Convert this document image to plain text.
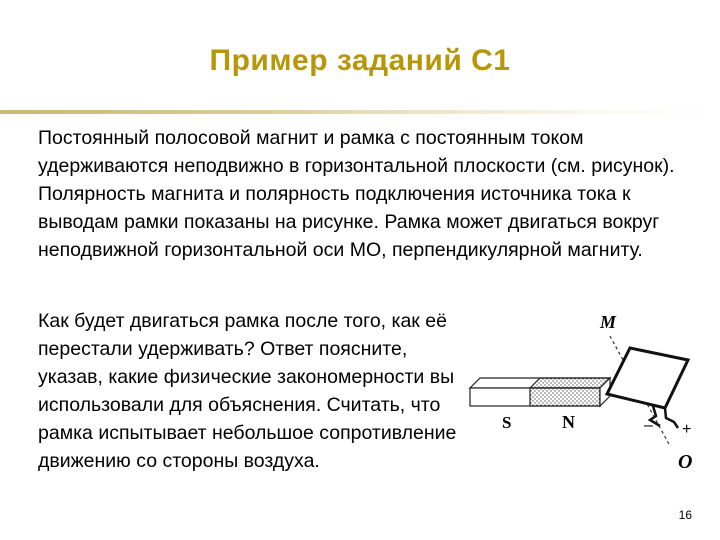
Пример заданий С1
Постоянный полосовой магнит и рамка с постоянным током удерживаются неподвижно в горизонтальной плоскости (см. рисунок). Полярность магнита и полярность подключения источника тока к выводам рамки показаны на рисунке. Рамка может двигаться вокруг неподвижной горизонтальной оси МО, перпендикулярной магниту.
Как будет двигаться рамка после того, как её перестали удерживать? Ответ поясните, указав, какие физические закономерности вы использовали для объяснения. Считать, что рамка испытывает небольшое сопротивление движению со стороны воздуха.
M
O
S	N	– +
16
